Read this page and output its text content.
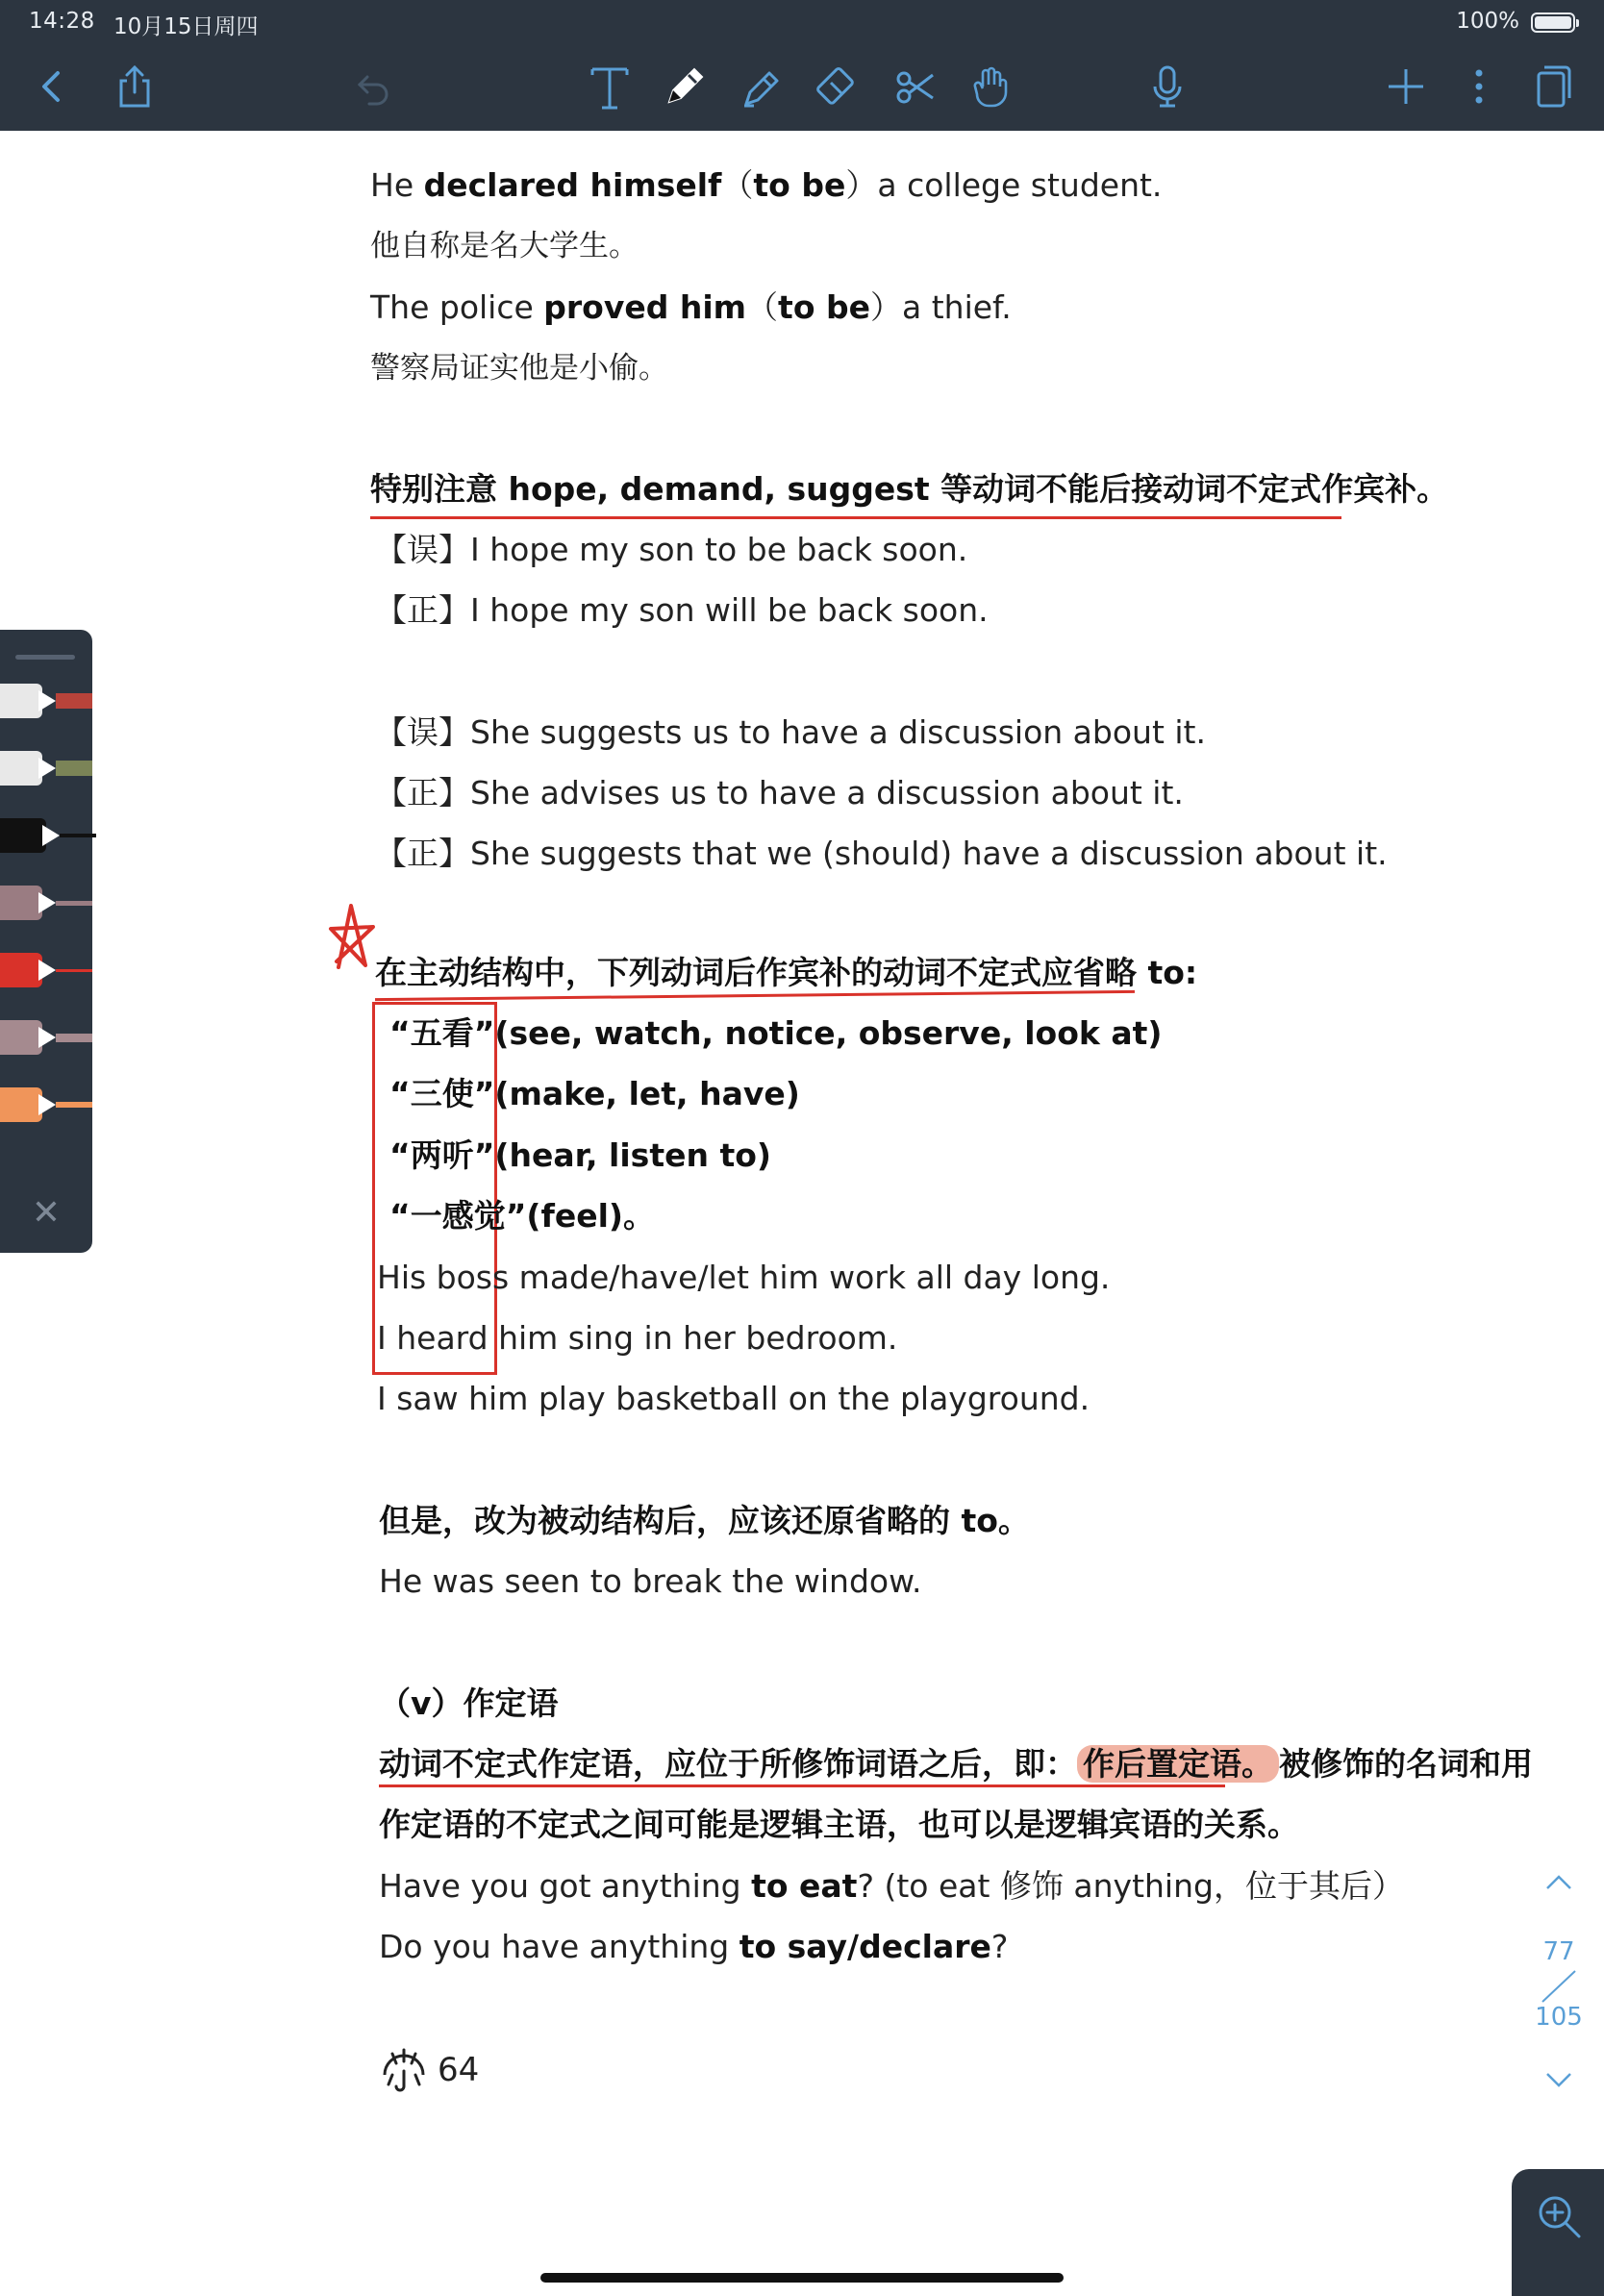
14:28 10月15日周四	100%
He declared himself（to be）a college student.
他自称是名大学生。
The police proved him（to be）a thief.
警察局证实他是小偷。
特别注意 hope, demand, suggest 等动词不能后接动词不定式作宾补。
【误】I hope my son to be back soon.
【正】I hope my son will be back soon.
【误】She suggests us to have a discussion about it.
【正】She advises us to have a discussion about it.
【正】She suggests that we (should) have a discussion about it.
在主动结构中，下列动词后作宾补的动词不定式应省略 to:
“五看”(see, watch, notice, observe, look at)
“三使”(make, let, have)
“两听”(hear, listen to)
“一感觉”(feel)。
His boss made/have/let him work all day long.
I heard him sing in her bedroom.
I saw him play basketball on the playground.
但是，改为被动结构后，应该还原省略的 to。
He was seen to break the window.
（v）作定语
动词不定式作定语，应位于所修饰词语之后，即： 作后置定语。 被修饰的名词和用
作定语的不定式之间可能是逻辑主语，也可以是逻辑宾语的关系。
Have you got anything to eat? (to eat 修饰 anything，位于其后）
Do you have anything to say/declare?
64
✕
77
105
